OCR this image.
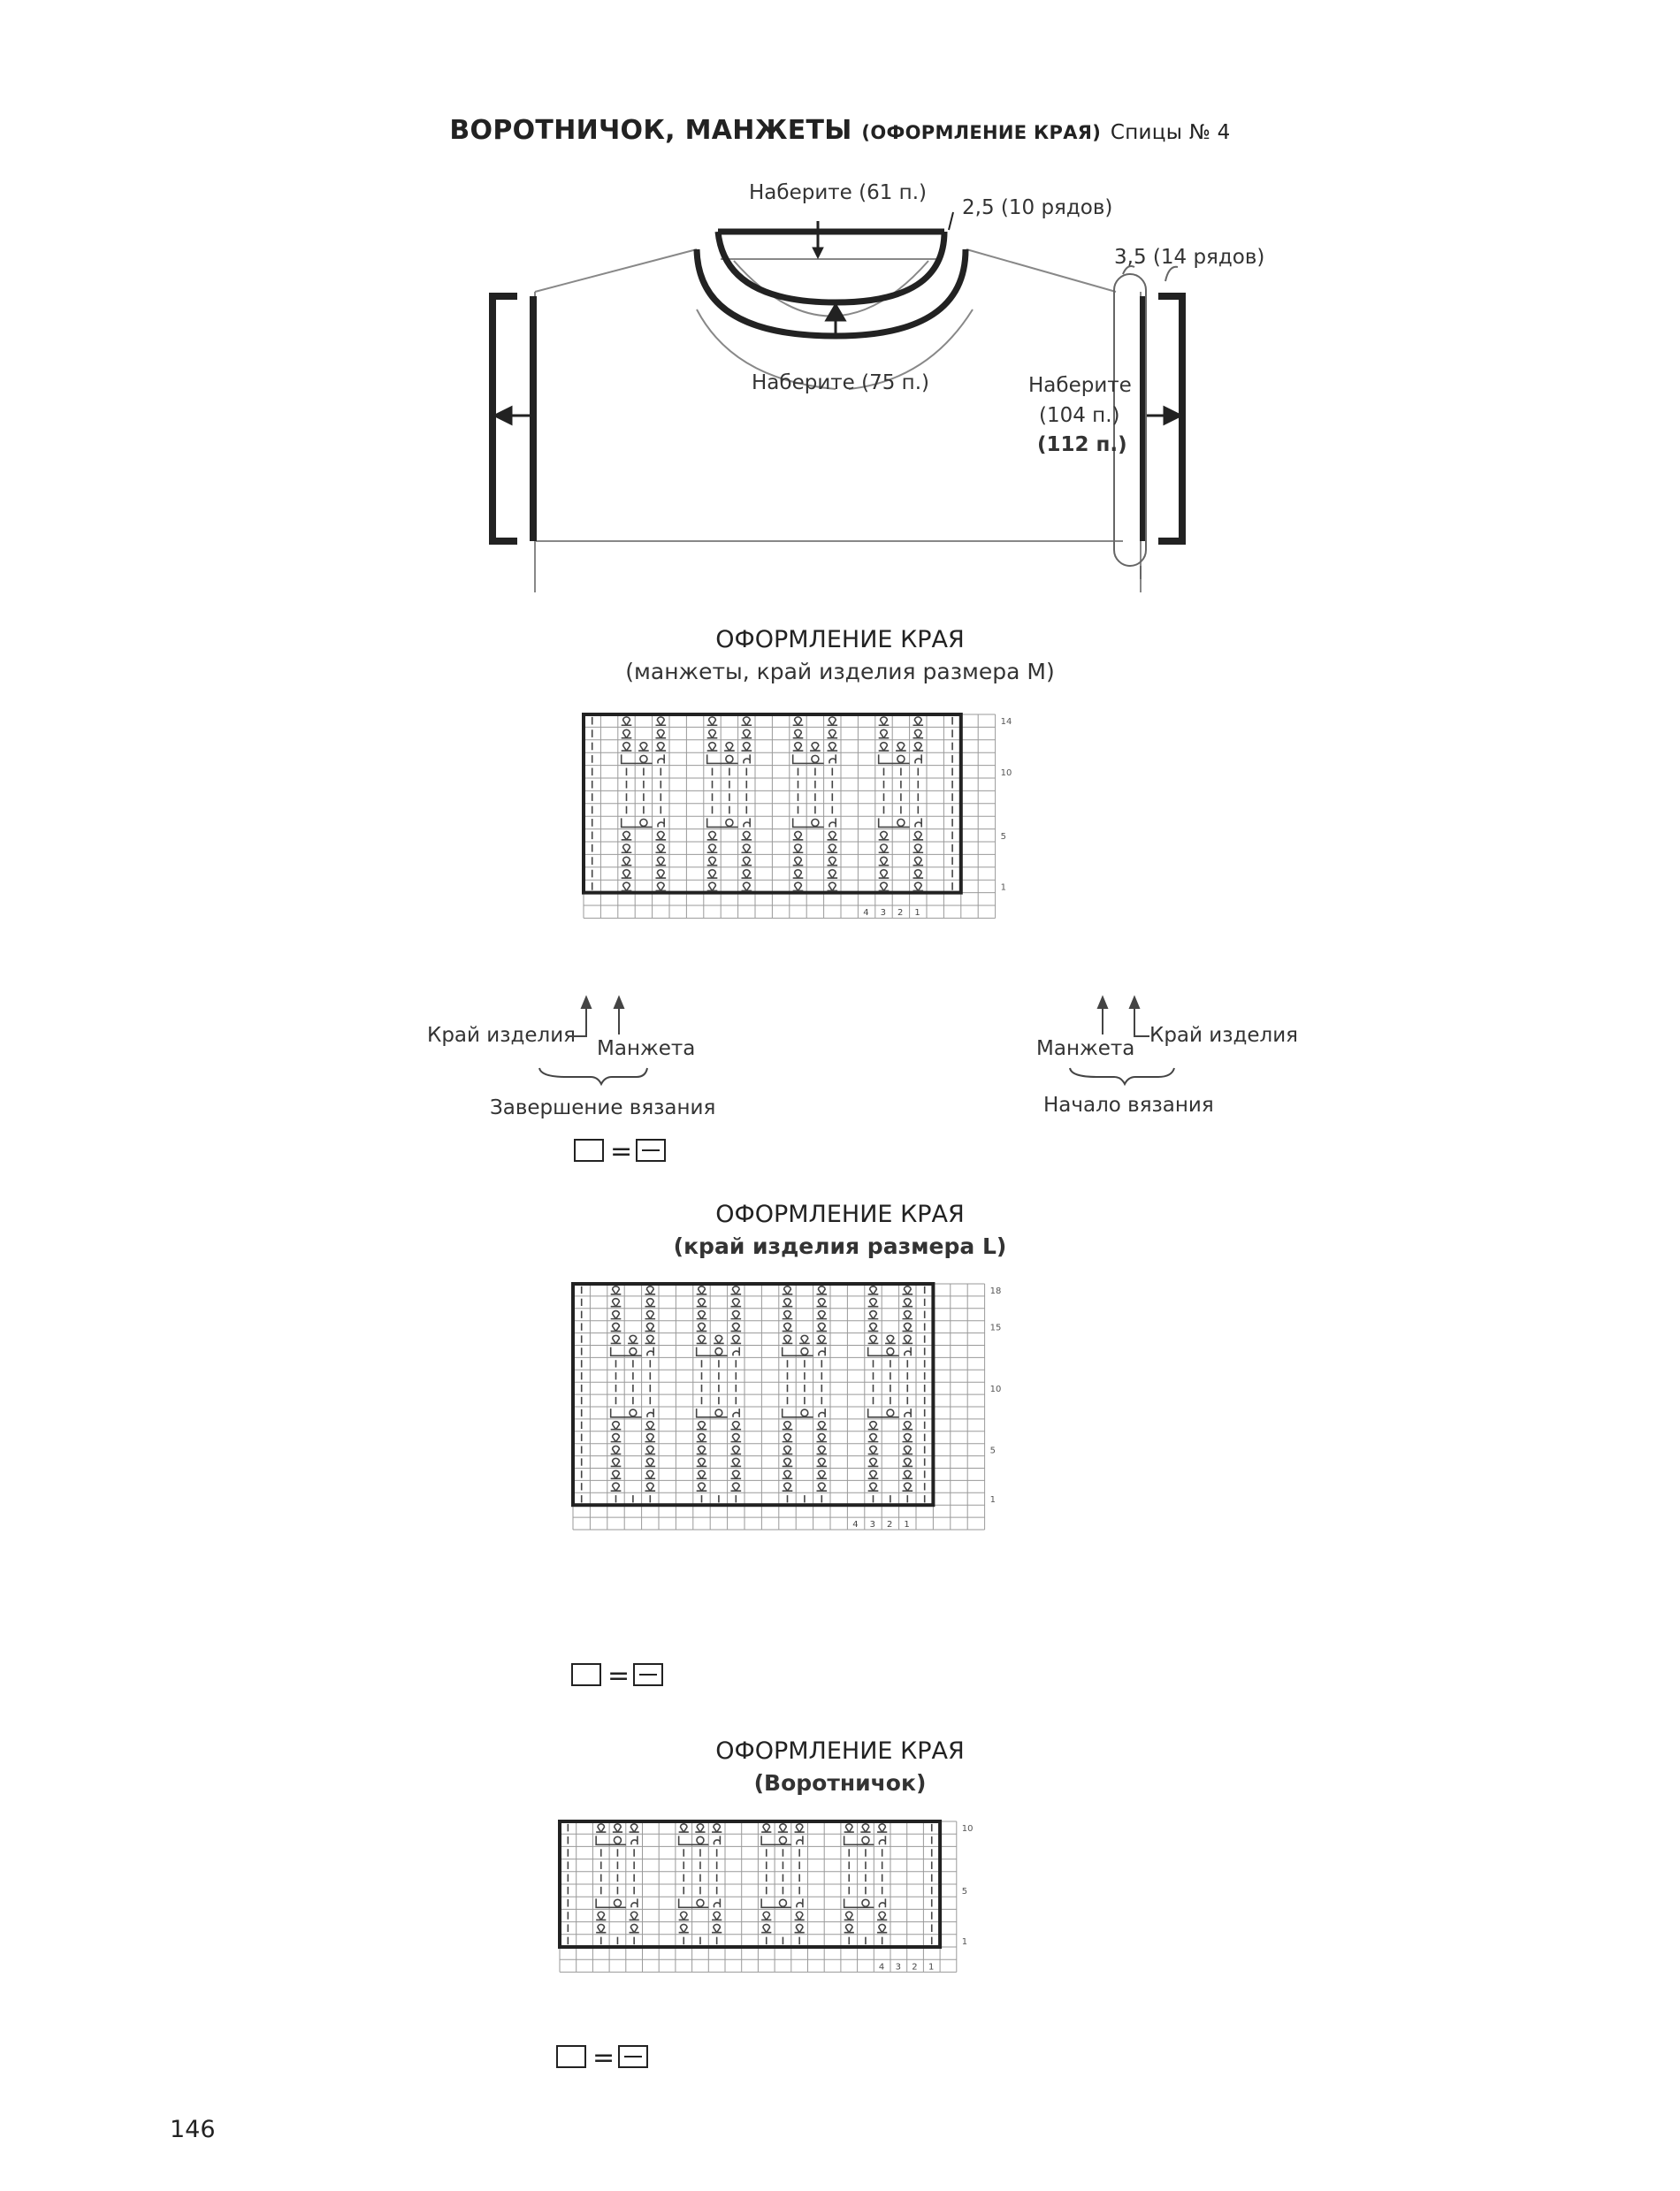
ВОРОТНИЧОК, МАНЖЕТЫ (ОФОРМЛЕНИЕ КРАЯ) Спицы № 4
Наберите (61 п.)
2,5 (10 рядов)
3,5 (14 рядов)
Наберите (75 п.)	Наберите
(104 п.)
(112 п.)
ОФОРМЛЕНИЕ КРАЯ
(манжеты, край изделия размера M)
14
10
5
1
4 3 2 1
Край изделия
Манжета	Манжета
Край изделия
Завершение вязания	Начало вязания
=
ОФОРМЛЕНИЕ КРАЯ
(край изделия размера L)
18
15
10
5
1
4 3 2 1
=
ОФОРМЛЕНИЕ КРАЯ
(Воротничок)
10
5
1
4 3 2 1
=
146
